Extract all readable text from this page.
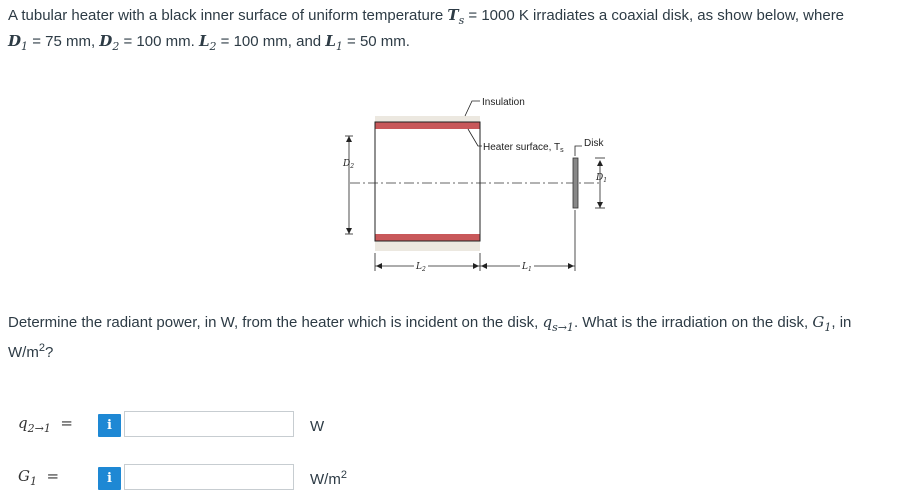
A tubular heater with a black inner surface of uniform temperature $T_s = 1000$ K irradiates a coaxial disk, as show below, where
$D_1 = 75$ mm, $D_2 = 100$ mm. $L_2 = 100$ mm, and $L_1 = 50$ mm.
$D_2$
$D_1$
$L_2$	$L_1$
Insulation
Heater surface, $T_s$
Disk
Determine the radiant power, in W, from the heater which is incident on the disk, $q_{s\to 1}$. What is the irradiation on the disk, $G_1$, in $W/m^2$?
$q_{2\to 1}$ =	i	W
$G_1$ =	i	$W/m^2$
